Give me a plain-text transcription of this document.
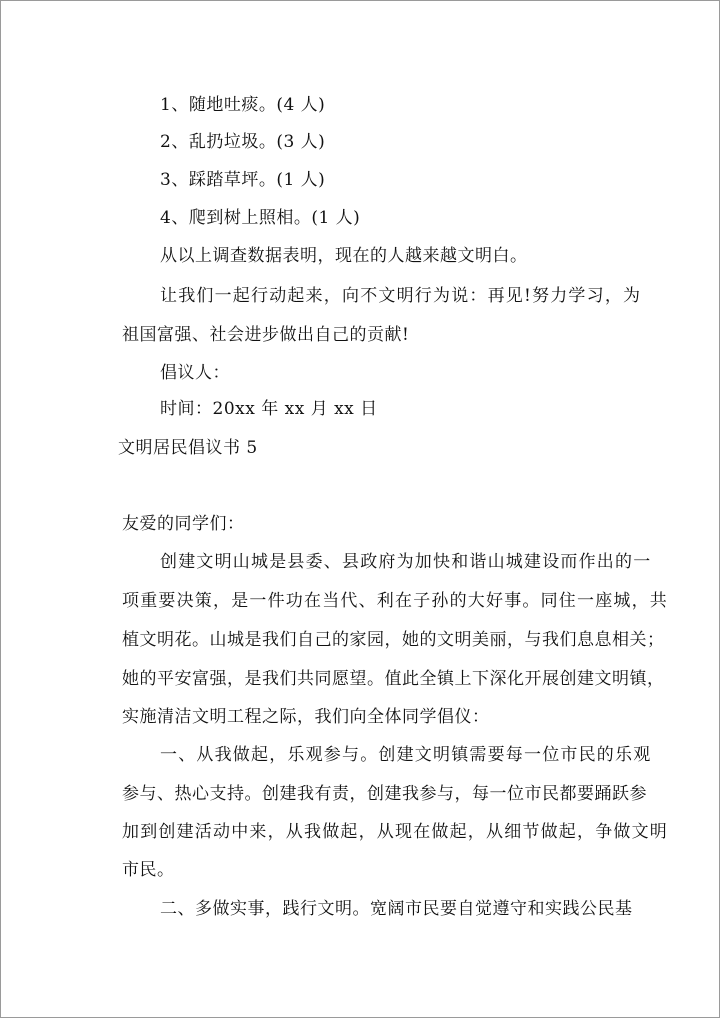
1、随地吐痰。(4 人)
2、乱扔垃圾。(3 人)
3、踩踏草坪。(1 人)
4、爬到树上照相。(1 人)
从以上调查数据表明，现在的人越来越文明白。
让我们一起行动起来，向不文明行为说：再见!努力学习，为
祖国富强、社会进步做出自己的贡献!
倡议人：
时间：20xx 年 xx 月 xx 日
文明居民倡议书 5
友爱的同学们：
创建文明山城是县委、县政府为加快和谐山城建设而作出的一
项重要决策，是一件功在当代、利在子孙的大好事。同住一座城，共
植文明花。山城是我们自己的家园，她的文明美丽，与我们息息相关；
她的平安富强，是我们共同愿望。值此全镇上下深化开展创建文明镇，
实施清洁文明工程之际，我们向全体同学倡仪：
一、从我做起，乐观参与。创建文明镇需要每一位市民的乐观
参与、热心支持。创建我有责，创建我参与，每一位市民都要踊跃参
加到创建活动中来，从我做起，从现在做起，从细节做起，争做文明
市民。
二、多做实事，践行文明。宽阔市民要自觉遵守和实践公民基
